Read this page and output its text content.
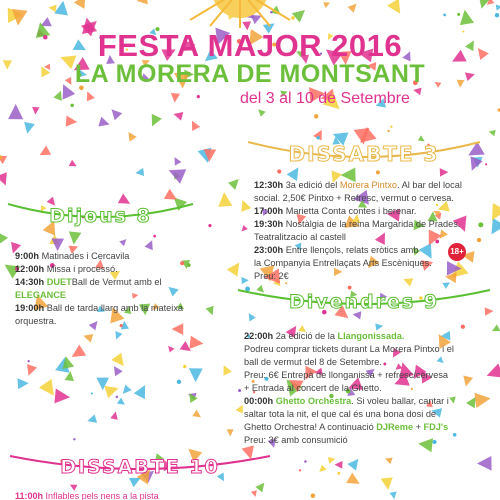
FESTA MAJOR 2016
LA MORERA DE MONTSANT
del 3 al 10 de Setembre
DISSABTE 3
Dijous 8
Divendres 9
DISSABTE 10
12:30h 3a edició del Morera Pintxo. Al bar del local
social. 2,50€ Pintxo + Refresc, vermut o cervesa.
17:00h Marietta Conta contes i berenar.
19:30h Nostàlgia de la reina Margarida de Prades.
Teatralitzacio al castell
23:00h Entre llençols, relats eròtics amb
la Companyia Entrellaçats Arts Escèniques.
Preu: 2€
18+
9:00h Matinades i Cercavila
12:00h Missa i processó.
14:30h DUETBall de Vermut amb el
ELEGANCE
19:00h Ball de tarda llarg amb la mateixa
orquestra.
22:00h 2a edició de la Llangonissada.
Podreu comprar tickets durant La Morera Pintxo i el
ball de vermut del 8 de Setembre.
Preu: 6€ Entrepà de llonganissa + refresc/cervesa
+ Entrada al concert de la Ghetto.
00:00h Ghetto Orchestra. Si voleu ballar, cantar i
saltar tota la nit, el que cal és una bona dosi de
Ghetto Orchestra! A continuació DJReme + FDJ's
Preu: 3€ amb consumició
11:00h Inflables pels nens a la pista
